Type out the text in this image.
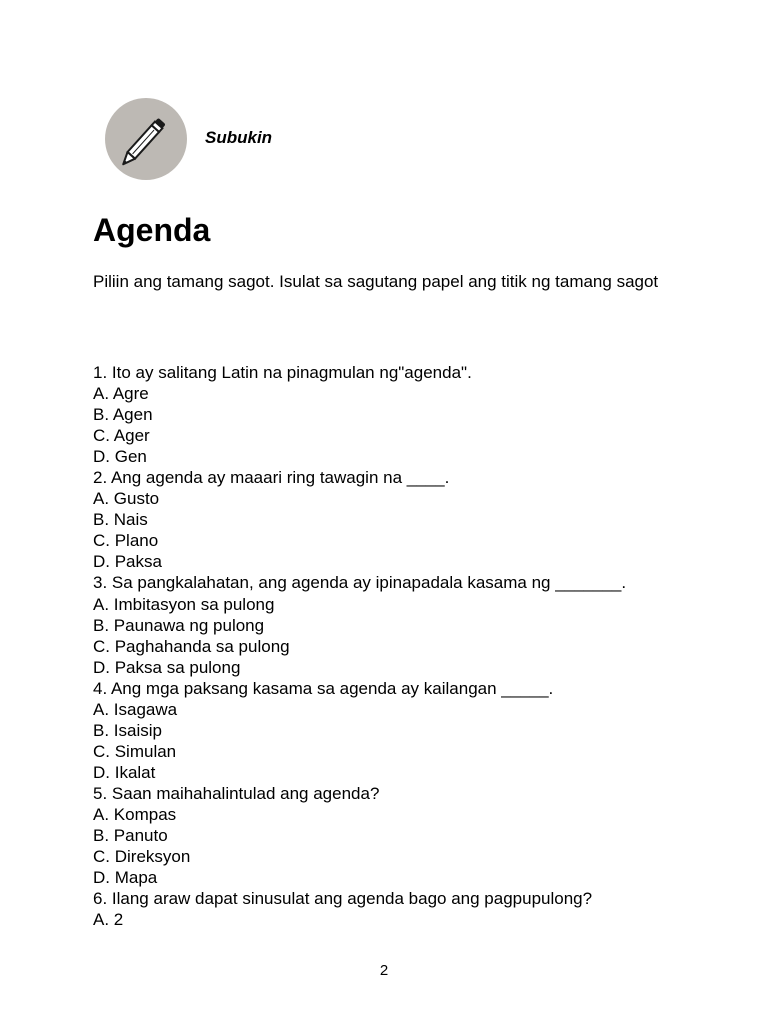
Subukin
Agenda

Piliin ang tamang sagot. Isulat sa sagutang papel ang titik ng tamang sagot

1. Ito ay salitang Latin na pinagmulan ng"agenda".
A. Agre
B. Agen
C. Ager
D. Gen
2. Ang agenda ay maaari ring tawagin na ____.
A. Gusto
B. Nais
C. Plano
D. Paksa
3. Sa pangkalahatan, ang agenda ay ipinapadala kasama ng _______.
A. Imbitasyon sa pulong
B. Paunawa ng pulong
C. Paghahanda sa pulong
D. Paksa sa pulong
4. Ang mga paksang kasama sa agenda ay kailangan _____.
A. Isagawa
B. Isaisip
C. Simulan
D. Ikalat
5. Saan maihahalintulad ang agenda?
A. Kompas
B. Panuto
C. Direksyon
D. Mapa
6. Ilang araw dapat sinusulat ang agenda bago ang pagpupulong?
A. 2
2
